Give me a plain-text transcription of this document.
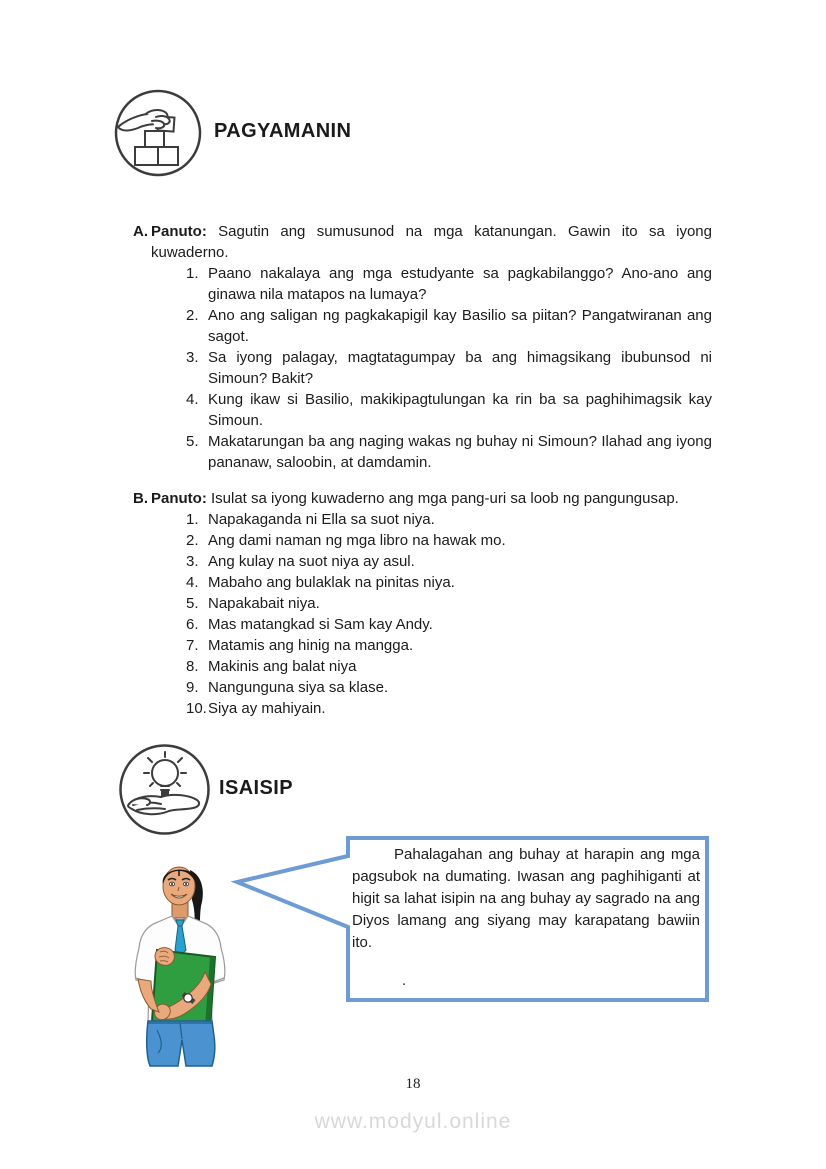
PAGYAMANIN
A. Panuto: Sagutin ang sumusunod na mga katanungan. Gawin ito sa iyong kuwaderno.

1. Paano nakalaya ang mga estudyante sa pagkabilanggo? Ano-ano ang ginawa nila matapos na lumaya?

2. Ano ang saligan ng pagkakapigil kay Basilio sa piitan? Pangatwiranan ang sagot.

3. Sa iyong palagay, magtatagumpay ba ang himagsikang ibubunsod ni Simoun? Bakit?

4. Kung ikaw si Basilio, makikipagtulungan ka rin ba sa paghihimagsik kay Simoun.

5. Makatarungan ba ang naging wakas ng buhay ni Simoun? Ilahad ang iyong pananaw, saloobin, at damdamin.

B. Panuto: Isulat sa iyong kuwaderno ang mga pang-uri sa loob ng pangungusap.

1. Napakaganda ni Ella sa suot niya.

2. Ang dami naman ng mga libro na hawak mo.

3. Ang kulay na suot niya ay asul.

4. Mabaho ang bulaklak na pinitas niya.

5. Napakabait niya.

6. Mas matangkad si Sam kay Andy.

7. Matamis ang hinig na mangga.

8. Makinis ang balat niya

9. Nangunguna siya sa klase.

10. Siya ay mahiyain.

ISAISIP

Pahalagahan ang buhay at harapin ang mga pagsubok na dumating. Iwasan ang paghihiganti at higit sa lahat isipin na ang buhay ay sagrado na ang Diyos lamang ang siyang may karapatang bawiin ito.

.
18
www.modyul.online
